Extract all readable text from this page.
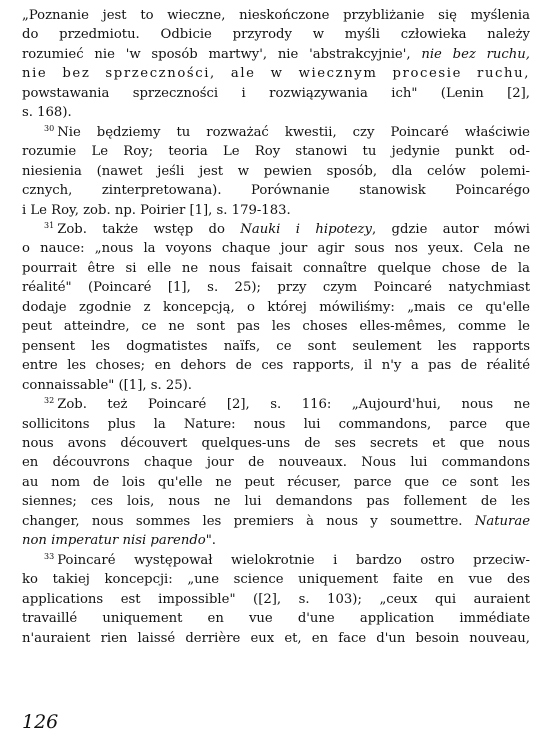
„Poznanie jest to wieczne, nieskończone przybliżanie się myślenia
do przedmiotu. Odbicie przyrody w myśli człowieka należy
rozumieć nie 'w sposób martwy', nie 'abstrakcyjnie', nie bez ruchu,
nie bez sprzeczności, ale w wiecznym procesie ruchu,
powstawania sprzeczności i rozwiązywania ich" (Lenin [2],
s. 168).

$^{30}$ Nie będziemy tu rozważać kwestii, czy Poincaré właściwie
rozumie Le Roy; teoria Le Roy stanowi tu jedynie punkt od-
niesienia (nawet jeśli jest w pewien sposób, dla celów polemi-
cznych, zinterpretowana). Porównanie stanowisk Poincarégo
i Le Roy, zob. np. Poirier [1], s. 179-183.

$^{31}$ Zob. także wstęp do Nauki i hipotezy, gdzie autor mówi
o nauce: „nous la voyons chaque jour agir sous nos yeux. Cela ne
pourrait être si elle ne nous faisait connaître quelque chose de la
réalité" (Poincaré [1], s. 25); przy czym Poincaré natychmiast
dodaje zgodnie z koncepcją, o której mówiliśmy: „mais ce qu'elle
peut atteindre, ce ne sont pas les choses elles-mêmes, comme le
pensent les dogmatistes naïfs, ce sont seulement les rapports
entre les choses; en dehors de ces rapports, il n'y a pas de réalité
connaissable" ([1], s. 25).

$^{32}$ Zob. też Poincaré [2], s. 116: „Aujourd'hui, nous ne
sollicitons plus la Nature: nous lui commandons, parce que
nous avons découvert quelques-uns de ses secrets et que nous
en découvrons chaque jour de nouveaux. Nous lui commandons
au nom de lois qu'elle ne peut récuser, parce que ce sont les
siennes; ces lois, nous ne lui demandons pas follement de les
changer, nous sommes les premiers à nous y soumettre. Naturae
non imperatur nisi parendo".

$^{33}$ Poincaré występował wielokrotnie i bardzo ostro przeciw-
ko takiej koncepcji: „une science uniquement faite en vue des
applications est impossible" ([2], s. 103); „ceux qui auraient
travaillé uniquement en vue d'une application immédiate
n'auraient rien laissé derrière eux et, en face d'un besoin nouveau,

126
